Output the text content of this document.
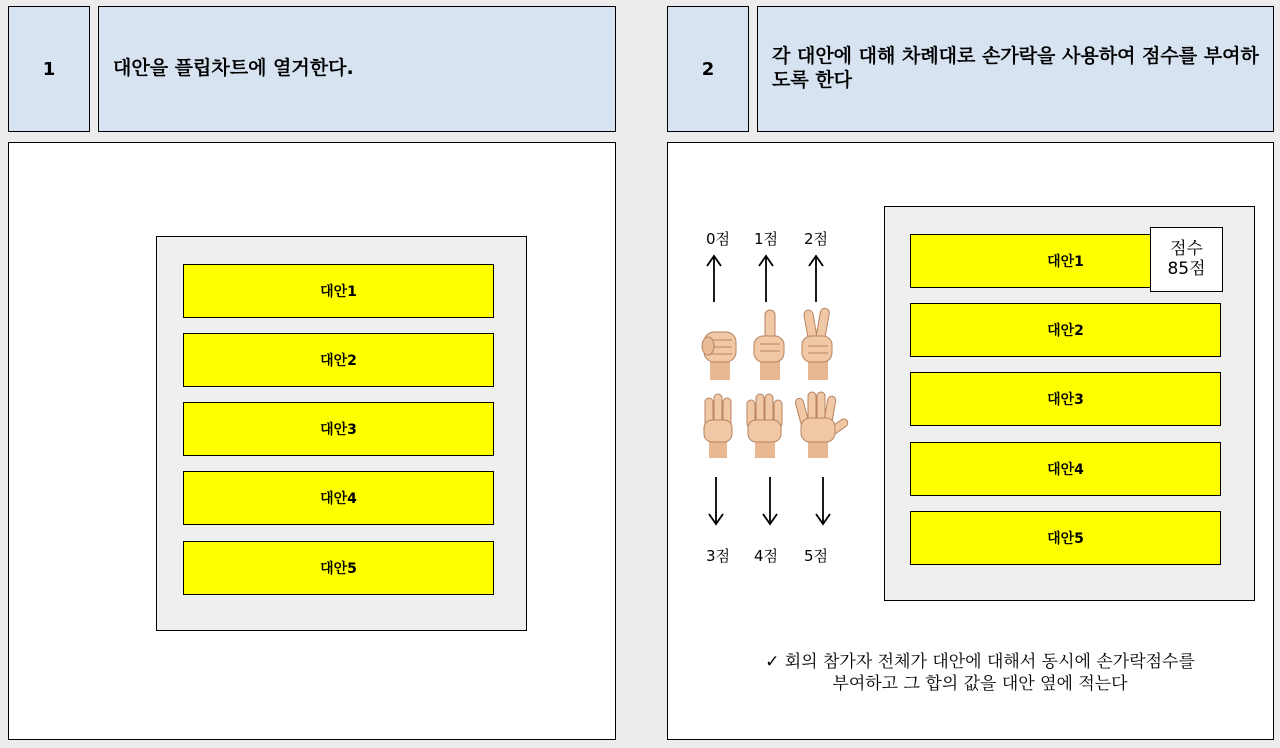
1	대안을 플립차트에 열거한다.
대안1
대안2
대안3
대안4
대안5
2
각 대안에 대해 차례대로 손가락을 사용하여 점수를 부여하도록 한다
0점	1점	2점
3점	4점	5점
대안1
대안2
대안3
대안4
대안5
점수
85점
✓ 회의 참가자 전체가 대안에 대해서 동시에 손가락점수를
부여하고 그 합의 값을 대안 옆에 적는다
